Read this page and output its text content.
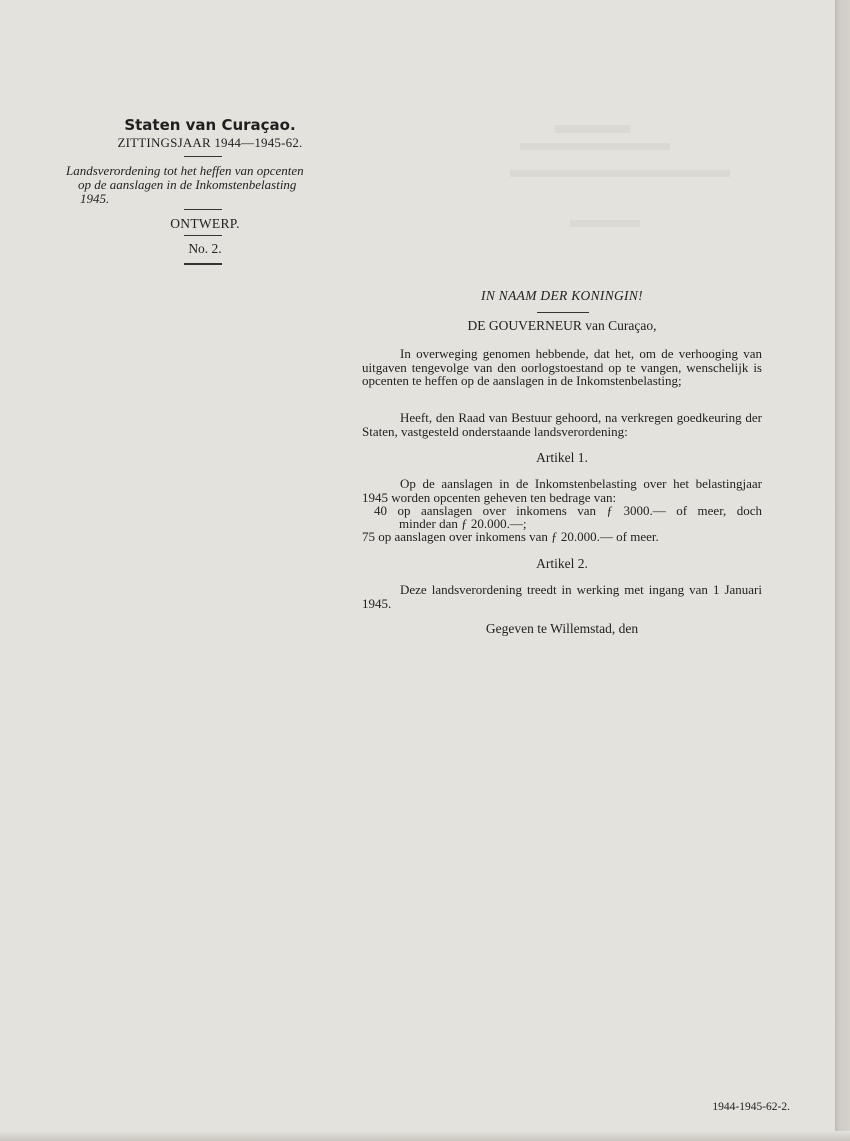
Staten van Curaçao.
ZITTINGSJAAR 1944—1945-62.
Landsverordening tot het heffen van opcenten
op de aanslagen in de Inkomstenbelasting
1945.
ONTWERP.
No. 2.
IN NAAM DER KONINGIN!
DE GOUVERNEUR van Curaçao,
In overweging genomen hebbende, dat het, om de verhooging van uitgaven tengevolge van den oorlogstoestand op te vangen, wenschelijk is opcenten te heffen op de aanslagen in de Inkomstenbelasting;
Heeft, den Raad van Bestuur gehoord, na verkregen goedkeuring der Staten, vastgesteld onderstaande landsverordening:
Artikel 1.
Op de aanslagen in de Inkomstenbelasting over het belastingjaar 1945 worden opcenten geheven ten bedrage van:
40 op aanslagen over inkomens van ƒ 3000.— of meer, doch
minder dan ƒ 20.000.—;
75 op aanslagen over inkomens van ƒ 20.000.— of meer.
Artikel 2.
Deze landsverordening treedt in werking met ingang van 1 Januari 1945.
Gegeven te Willemstad, den
1944-1945-62-2.
